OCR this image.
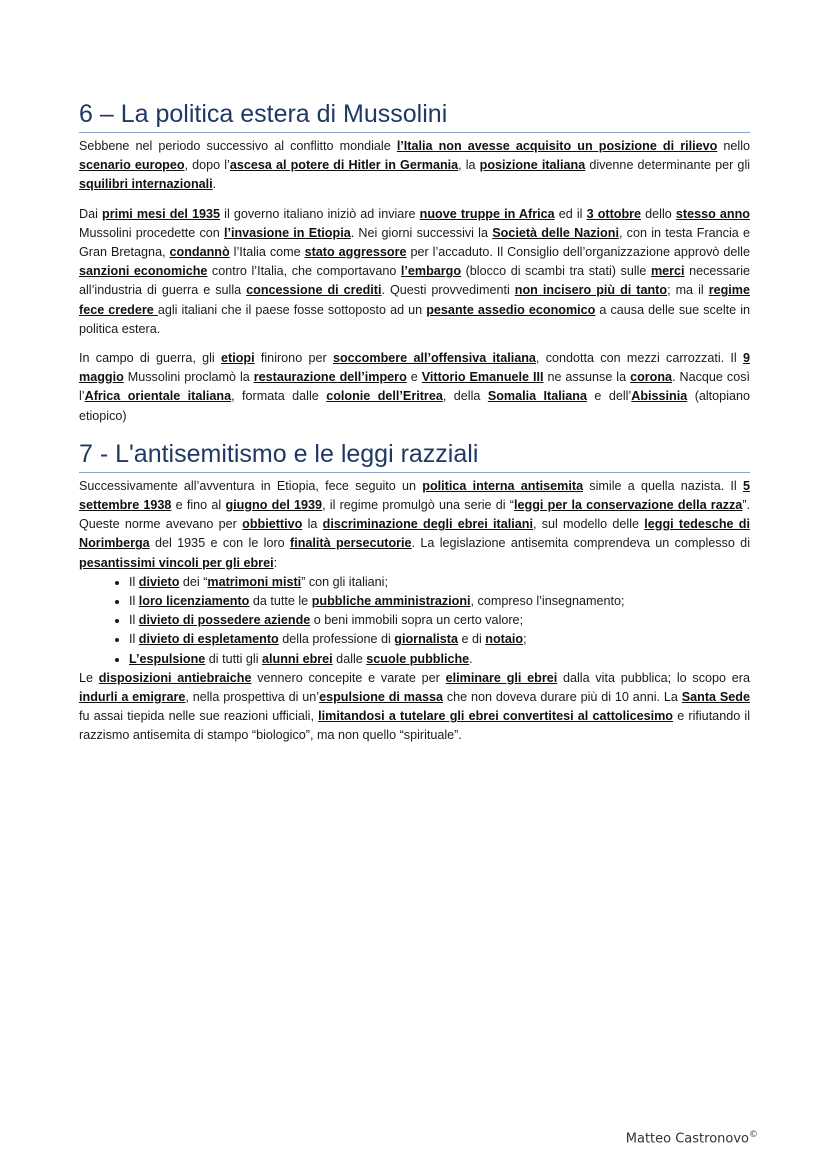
6 – La politica estera di Mussolini

Sebbene nel periodo successivo al conflitto mondiale l’Italia non avesse acquisito un posizione di rilievo nello scenario europeo, dopo l’ascesa al potere di Hitler in Germania, la posizione italiana divenne determinante per gli squilibri internazionali.

Dai primi mesi del 1935 il governo italiano iniziò ad inviare nuove truppe in Africa ed il 3 ottobre dello stesso anno Mussolini procedette con l’invasione in Etiopia. Nei giorni successivi la Società delle Nazioni, con in testa Francia e Gran Bretagna, condannò l’Italia come stato aggressore per l’accaduto. Il Consiglio dell’organizzazione approvò delle sanzioni economiche contro l’Italia, che comportavano l’embargo (blocco di scambi tra stati) sulle merci necessarie all’industria di guerra e sulla concessione di crediti. Questi provvedimenti non incisero più di tanto; ma il regime fece credere agli italiani che il paese fosse sottoposto ad un pesante assedio economico a causa delle sue scelte in politica estera.

In campo di guerra, gli etiopi finirono per soccombere all’offensiva italiana, condotta con mezzi carrozzati. Il 9 maggio Mussolini proclamò la restaurazione dell’impero e Vittorio Emanuele III ne assunse la corona. Nacque così l’Africa orientale italiana, formata dalle colonie dell’Eritrea, della Somalia Italiana e dell’Abissinia (altopiano etiopico)

7 - L'antisemitismo e le leggi razziali

Successivamente all’avventura in Etiopia, fece seguito un politica interna antisemita simile a quella nazista. Il 5 settembre 1938 e fino al giugno del 1939, il regime promulgò una serie di “leggi per la conservazione della razza”. Queste norme avevano per obbiettivo la discriminazione degli ebrei italiani, sul modello delle leggi tedesche di Norimberga del 1935 e con le loro finalità persecutorie. La legislazione antisemita comprendeva un complesso di pesantissimi vincoli per gli ebrei:

• Il divieto dei “matrimoni misti” con gli italiani;
• Il loro licenziamento da tutte le pubbliche amministrazioni, compreso l’insegnamento;
• Il divieto di possedere aziende o beni immobili sopra un certo valore;
• Il divieto di espletamento della professione di giornalista e di notaio;
• L’espulsione di tutti gli alunni ebrei dalle scuole pubbliche.

Le disposizioni antiebraiche vennero concepite e varate per eliminare gli ebrei dalla vita pubblica; lo scopo era indurli a emigrare, nella prospettiva di un’espulsione di massa che non doveva durare più di 10 anni. La Santa Sede fu assai tiepida nelle sue reazioni ufficiali, limitandosi a tutelare gli ebrei convertitesi al cattolicesimo e rifiutando il razzismo antisemita di stampo “biologico”, ma non quello “spirituale”.

Matteo Castronovo©
